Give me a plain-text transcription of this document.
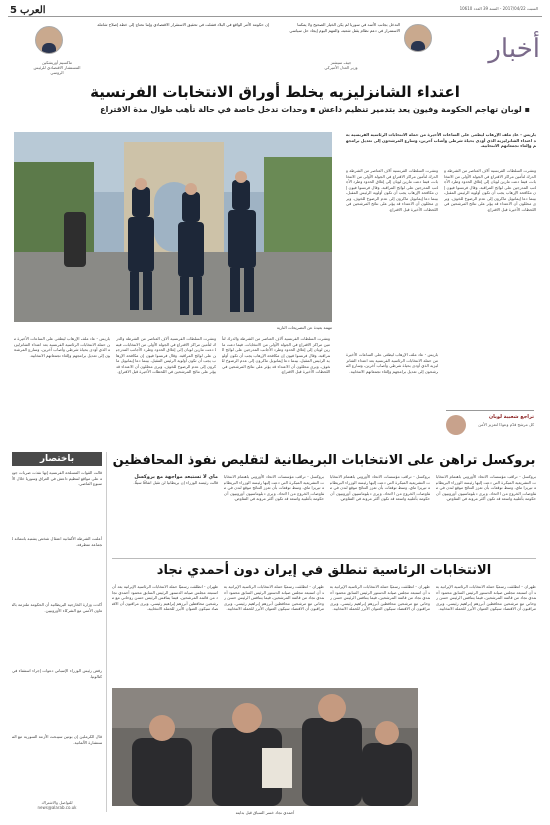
5 العرب	السبت 2017/04/22 - السنة 39 العدد 10610
أخبار
التدخل بجانب الأسد في سوريا لم يكن الخيار الصحيح ولا يمكننا الاستمرار في دعم نظام يقتل شعبه، والمهم اليوم إيجاد حل سياسي
جيف سيشنز
وزير العدل الأميركي
إن حكومة الأمر الواقع في البلاد فشلت في تحقيق الاستقرار الاقتصادي وإننا نحتاج إلى خطة إصلاح شاملة
ماكسيم أوريشكين
المستشار الاقتصادي للرئيس الروسي
اعتداء الشانزليزيه يخلط أوراق الانتخابات الفرنسية
▪ لوبان تهاجم الحكومة وفيون يعد بتدمير تنظيم داعش ▪ وحدات تدخل خاصة في حالة تأهب طوال مدة الاقتراع
باريس - عاد ملف الإرهاب ليطغى على الساعات الأخيرة من حملة الانتخابات الرئاسية الفرنسية بعد اعتداء الشانزليزيه الذي أودى بحياة شرطي وأصاب آخرين، وسارع المرشحون إلى تعديل برامجهم وإلغاء تجمعاتهم الانتخابية.
ونشرت السلطات الفرنسية آلاف العناصر من الشرطة والدرك لتأمين مراكز الاقتراع في الجولة الأولى من الانتخابات، فيما دعت مارين لوبان إلى إغلاق الحدود وطرد الأجانب المدرجين على لوائح المراقبة. وقال فرنسوا فيون إن مكافحة الإرهاب يجب أن تكون أولوية الرئيس المقبل، بينما دعا إيمانويل ماكرون إلى عدم الرضوخ للخوف. ويرى محللون أن الاعتداء قد يؤثر على نتائج المرشحين في اللحظات الأخيرة قبل الاقتراع.
ونشرت السلطات الفرنسية آلاف العناصر من الشرطة والدرك لتأمين مراكز الاقتراع في الجولة الأولى من الانتخابات، فيما دعت مارين لوبان إلى إغلاق الحدود وطرد الأجانب المدرجين على لوائح المراقبة. وقال فرنسوا فيون إن مكافحة الإرهاب يجب أن تكون أولوية الرئيس المقبل، بينما دعا إيمانويل ماكرون إلى عدم الرضوخ للخوف. ويرى محللون أن الاعتداء قد يؤثر على نتائج المرشحين في اللحظات الأخيرة قبل الاقتراع.
باريس - عاد ملف الإرهاب ليطغى على الساعات الأخيرة من حملة الانتخابات الرئاسية الفرنسية بعد اعتداء الشانزليزيه الذي أودى بحياة شرطي وأصاب آخرين، وسارع المرشحون إلى تعديل برامجهم وإلغاء تجمعاتهم الانتخابية.
تراجع شعبية لوبان
كل مرشح قدّم وعودًا لتعزيز الأمن
مهمة بعيدة عن التصريحات النارية
ونشرت السلطات الفرنسية آلاف العناصر من الشرطة والدرك لتأمين مراكز الاقتراع في الجولة الأولى من الانتخابات، فيما دعت مارين لوبان إلى إغلاق الحدود وطرد الأجانب المدرجين على لوائح المراقبة. وقال فرنسوا فيون إن مكافحة الإرهاب يجب أن تكون أولوية الرئيس المقبل، بينما دعا إيمانويل ماكرون إلى عدم الرضوخ للخوف. ويرى محللون أن الاعتداء قد يؤثر على نتائج المرشحين في اللحظات الأخيرة قبل الاقتراع.
ونشرت السلطات الفرنسية آلاف العناصر من الشرطة والدرك لتأمين مراكز الاقتراع في الجولة الأولى من الانتخابات، فيما دعت مارين لوبان إلى إغلاق الحدود وطرد الأجانب المدرجين على لوائح المراقبة. وقال فرنسوا فيون إن مكافحة الإرهاب يجب أن تكون أولوية الرئيس المقبل، بينما دعا إيمانويل ماكرون إلى عدم الرضوخ للخوف. ويرى محللون أن الاعتداء قد يؤثر على نتائج المرشحين في اللحظات الأخيرة قبل الاقتراع.
باريس - عاد ملف الإرهاب ليطغى على الساعات الأخيرة من حملة الانتخابات الرئاسية الفرنسية بعد اعتداء الشانزليزيه الذي أودى بحياة شرطي وأصاب آخرين، وسارع المرشحون إلى تعديل برامجهم وإلغاء تجمعاتهم الانتخابية.
باختصار
قالت القوات المسلحة الفرنسية إنها نفذت ضربات جوية على مواقع لتنظيم داعش في العراق وسوريا خلال الأسبوع الماضي.
أعلنت الشرطة الألمانية اعتقال شخص يشتبه بانتمائه لجماعة متطرفة.
أكدت وزارة الخارجية البريطانية أن الحكومة ملتزمة بالتعاون الأمني مع الشركاء الأوروبيين.
رفض رئيس الوزراء الإسباني دعوات إجراء استفتاء في كتالونيا.
قال الكرملين إن بوتين سيبحث الأزمة السورية مع المستشارة الألمانية.
للتواصل والاشتراك
news@alarab.co.uk
بروكسل تراهن على الانتخابات البريطانية لتقليص نفوذ المحافظين
بروكسل - تراقب مؤسسات الاتحاد الأوروبي باهتمام الانتخابات التشريعية المبكرة التي دعت إليها رئيسة الوزراء البريطانية تيريزا ماي، وسط توقعات بأن تعزز النتائج موقع لندن في مفاوضات الخروج من الاتحاد. ويرى دبلوماسيون أوروبيون أن حكومة بأغلبية واسعة قد تكون أكثر مرونة في التفاوض.
بروكسل - تراقب مؤسسات الاتحاد الأوروبي باهتمام الانتخابات التشريعية المبكرة التي دعت إليها رئيسة الوزراء البريطانية تيريزا ماي، وسط توقعات بأن تعزز النتائج موقع لندن في مفاوضات الخروج من الاتحاد. ويرى دبلوماسيون أوروبيون أن حكومة بأغلبية واسعة قد تكون أكثر مرونة في التفاوض.
بروكسل - تراقب مؤسسات الاتحاد الأوروبي باهتمام الانتخابات التشريعية المبكرة التي دعت إليها رئيسة الوزراء البريطانية تيريزا ماي، وسط توقعات بأن تعزز النتائج موقع لندن في مفاوضات الخروج من الاتحاد. ويرى دبلوماسيون أوروبيون أن حكومة بأغلبية واسعة قد تكون أكثر مرونة في التفاوض.
ماي لا تستبعد مواجهة مع بروكسل
قالت رئيسة الوزراء إن بريطانيا لن تقبل اتفاقًا سيئًا.
الانتخابات الرئاسية تنطلق في إيران دون أحمدي نجاد
طهران - انطلقت رسميًا حملة الانتخابات الرئاسية الإيرانية بعد أن استبعد مجلس صيانة الدستور الرئيس السابق محمود أحمدي نجاد من قائمة المرشحين، فيما يتنافس الرئيس حسن روحاني مع مرشحين محافظين أبرزهم إبراهيم رئيسي. ويرى مراقبون أن الاقتصاد سيكون العنوان الأبرز للحملة الانتخابية.
طهران - انطلقت رسميًا حملة الانتخابات الرئاسية الإيرانية بعد أن استبعد مجلس صيانة الدستور الرئيس السابق محمود أحمدي نجاد من قائمة المرشحين، فيما يتنافس الرئيس حسن روحاني مع مرشحين محافظين أبرزهم إبراهيم رئيسي. ويرى مراقبون أن الاقتصاد سيكون العنوان الأبرز للحملة الانتخابية.
طهران - انطلقت رسميًا حملة الانتخابات الرئاسية الإيرانية بعد أن استبعد مجلس صيانة الدستور الرئيس السابق محمود أحمدي نجاد من قائمة المرشحين، فيما يتنافس الرئيس حسن روحاني مع مرشحين محافظين أبرزهم إبراهيم رئيسي. ويرى مراقبون أن الاقتصاد سيكون العنوان الأبرز للحملة الانتخابية.
طهران - انطلقت رسميًا حملة الانتخابات الرئاسية الإيرانية بعد أن استبعد مجلس صيانة الدستور الرئيس السابق محمود أحمدي نجاد من قائمة المرشحين، فيما يتنافس الرئيس حسن روحاني مع مرشحين محافظين أبرزهم إبراهيم رئيسي. ويرى مراقبون أن الاقتصاد سيكون العنوان الأبرز للحملة الانتخابية.
أحمدي نجاد خسر السباق قبل بدايته
